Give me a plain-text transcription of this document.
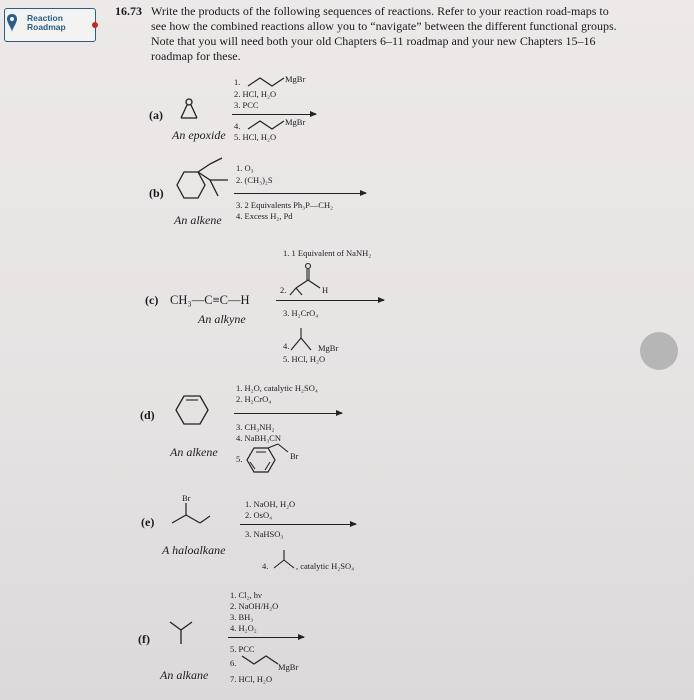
Reaction
Roadmap
16.73 Write the products of the following sequences of reactions. Refer to your reaction road-maps to see how the combined reactions allow you to “navigate” between the different functional groups. Note that you will need both your old Chapters 6–11 roadmap and your new Chapters 15–16 roadmap for these.
(a)
An epoxide
1.	MgBr
2. HCl, H₂O
3. PCC
4.	MgBr
5. HCl, H₂O
(b)
An alkene
1. O₃
2. (CH₃)₂S
3. 2 Equivalents Ph₃P—CH₂
4. Excess H₂, Pd
(c) CH₃—C≡C—H
An alkyne
1. 1 Equivalent of NaNH₂
2.	H
3. H₂CrO₄
4.	MgBr
5. HCl, H₂O
(d)
An alkene
1. H₂O, catalytic H₂SO₄
2. H₂CrO₄
3. CH₃NH₂
4. NaBH₃CN
5.	Br
(e)
Br
A haloalkane
1. NaOH, H₂O
2. OsO₄
3. NaHSO₃
4.	, catalytic H₂SO₄
(f)
An alkane
1. Cl₂, hν
2. NaOH/H₂O
3. BH₃
4. H₂O₂
5. PCC
6.	MgBr
7. HCl, H₂O
